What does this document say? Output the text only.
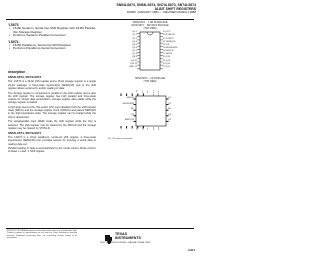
SN54LS673, SN54LS674, SN74LS673, SN74LS674
16-BIT SHIFT REGISTERS
D2486, JANUARY 1981 — REVISED MARCH 1988
'LS673

• 16-Bit Serial-In, Serial-Out Shift Register with 16-Bit Parallel-Out Storage Register

• Performs Serial-to-Parallel Conversion

'LS674

• 16-Bit Parallel-In, Serial-Out Shift Register

• Performs Parallel-to-Serial Conversion

description
SN54LS673, SN74LS673

The 'LS673 is a 16-bit shift register and a 16-bit storage register in a single 24-pin package. A three-state input/output (SER/Q15) port to the shift register allows serial entry and/or reading of data.

The storage register is connected in parallel to the shift register and is also the shift register. The storage register has both parallel and three-state outputs for simple data presentation, storage register data stable while the storage register is loaded.

A high logic level at the chip select (CS) input disables both the shift-register clock (SRCK) and the storage-register clock (STRCK) and places SER/Q15 in the high-impedance state. The storage register can be loaded while the chip is deselected.

The serial/parallel input (SER) loads the shift register while the chip is selected. The shift register may be cleared by the SRCLR and the storage register may be cleared by STRCLR.

SN54LS674, SN74LS674

The 'LS674 is a 16-bit parallel-in, serial-out shift register. A three-state input/output (SER/Q15) port provides access for entering a serial data or reading data out.

Parallel loading of data is accomplished by the mode control. Mode control: H Read, L Load, X Shift register.

SN54LS673 ... J OR W PACKAGE
SN74LS673 ... DW OR N PACKAGE
(TOP VIEW)
Q0 1
Q1 2
Q2 3
Q3 4
Q4 5
Q5 6
Q6 7
Q7 8
Q8 9
Q9 10
Q10 11
GND 12
24 VCC
23 STRCLR
22 STRCK
21 SER/Q15
20 CS
19 MODE/R/W
18 SRCLR
17 SRCK
16 Q14
15 Q13
14 Q12
13 Q11
SN54LS673 ... FK PACKAGE
(TOP VIEW)
SRCLR
MODE/R/W
NC
CS
SER/Q15
Q1
Q2
NC
Q3
Q4
Q0	VCC	NC	STRCK	STRCLR
Q13	Q12	NC	Q11	Q10
NC - No internal connection
PRODUCTION DATA documents contain information current as of publication date. Products conform to specifications per the terms of Texas Instruments standard warranty. Production processing does not necessarily include testing of all parameters.
TEXAS
INSTRUMENTS
POST OFFICE BOX 655303 • DALLAS, TEXAS 75265
3-911
